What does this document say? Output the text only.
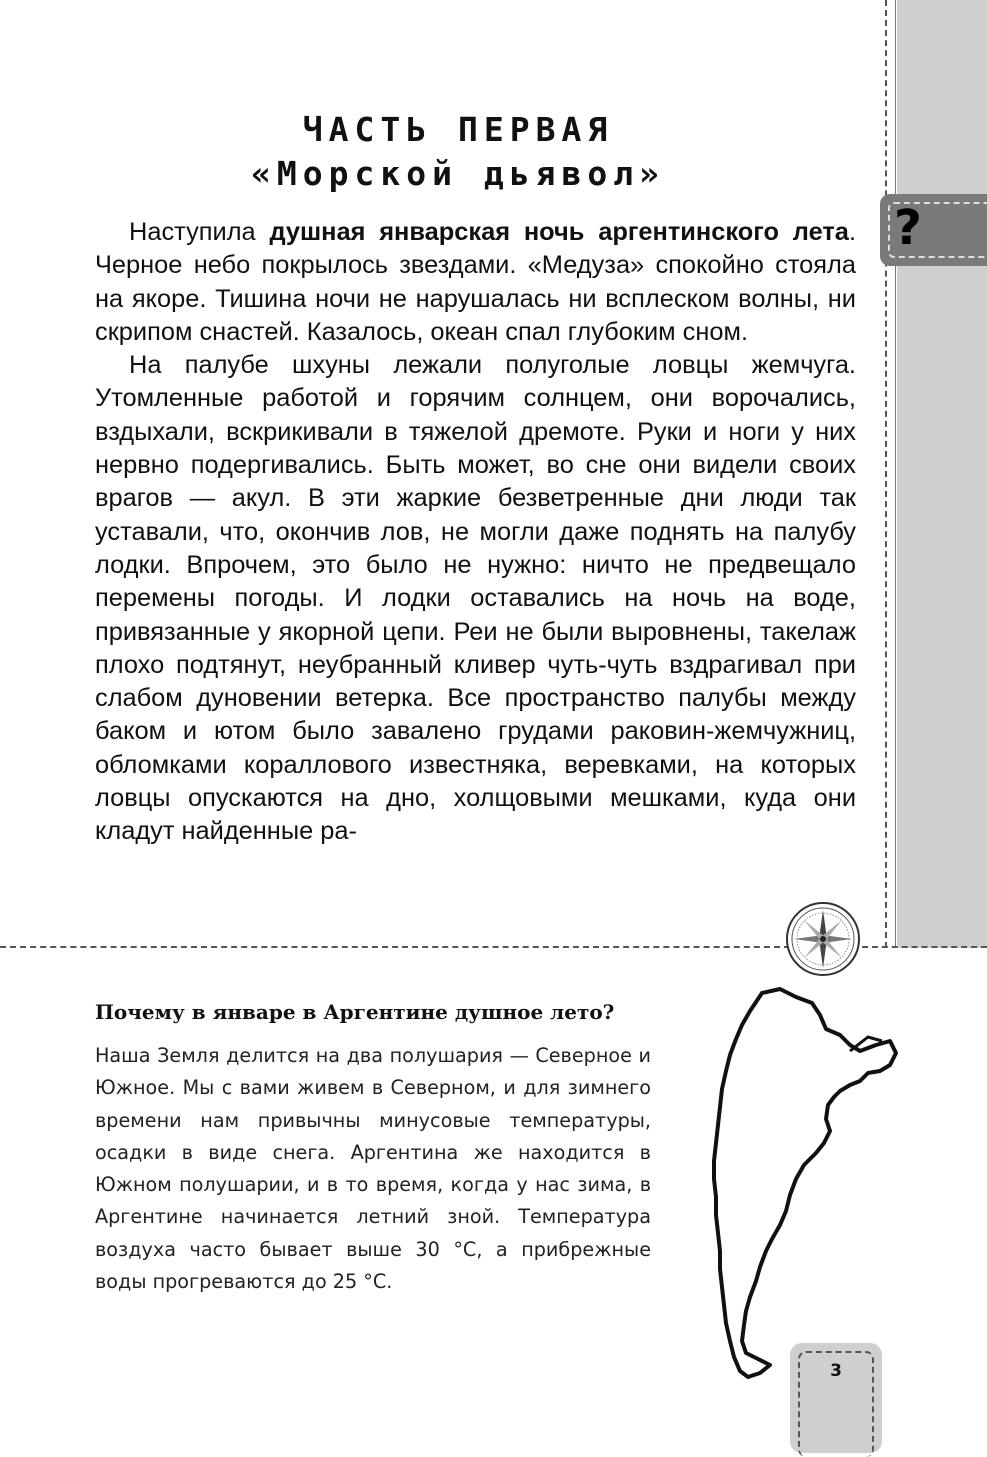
?
ЧАСТЬ ПЕРВАЯ
«Морской дьявол»

Наступила душная январская ночь аргентинского лета. Черное небо покрылось звездами. «Медуза» спокойно стояла на якоре. Тишина ночи не нарушалась ни всплеском волны, ни скрипом снастей. Казалось, океан спал глубоким сном.

На палубе шхуны лежали полуголые ловцы жемчуга. Утомленные работой и горячим солнцем, они ворочались, вздыхали, вскрикивали в тяжелой дремоте. Руки и ноги у них нервно подергивались. Быть может, во сне они видели своих врагов — акул. В эти жаркие безветренные дни люди так уставали, что, окончив лов, не могли даже поднять на палубу лодки. Впрочем, это было не нужно: ничто не предвещало перемены погоды. И лодки оставались на ночь на воде, привязанные у якорной цепи. Реи не были выровнены, такелаж плохо подтянут, неубранный кливер чуть-чуть вздрагивал при слабом дуновении ветерка. Все пространство палубы между баком и ютом было завалено грудами раковин-жемчужниц, обломками кораллового известняка, веревками, на которых ловцы опускаются на дно, холщовыми мешками, куда они кладут найденные ра-

Почему в январе в Аргентине душное лето?
Наша Земля делится на два полушария — Северное и Южное. Мы с вами живем в Северном, и для зимнего времени нам привычны минусовые температуры, осадки в виде снега. Аргентина же находится в Южном полушарии, и в то время, когда у нас зима, в Аргентине начинается летний зной. Температура воздуха часто бывает выше 30 °С, а прибрежные воды прогреваются до 25 °С.
3
